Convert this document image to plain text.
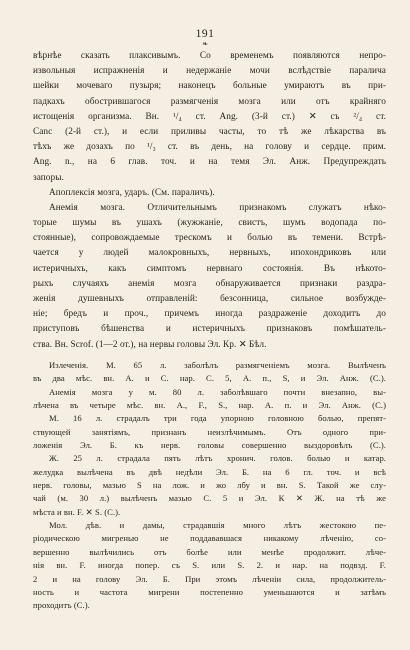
191
❧
вѣрнѣе сказать плаксивымъ. Со временемъ появляются непро-
извольныя испражненія и недержаніе мочи вслѣдствіе паралича
шейки мочеваго пузыря; наконецъ больные умираютъ въ при-
падкахъ обострившагося размягченія мозга или отъ крайняго
истощенія организма. Вн. ¹/₄ ст. Ang. (3-й ст.) ✕ съ ²/₄ ст.
Canc (2-й ст.), и если приливы часты, то тѣ же лѣкарства въ
тѣхъ же дозахъ по ¹/₃ ст. въ день, на голову и сердце. прим.
Ang. n., на 6 глав. точ. и на темя Эл. Анж. Предупреждать
запоры.
Апоплексія мозга, ударъ. (См. параличъ).
Анемія мозга. Отличительнымъ признакомъ служатъ нѣко-
торые шумы въ ушахъ (жужжаніе, свистъ, шумъ водопада по-
стоянные), сопровождаемые трескомъ и болью въ темени. Встрѣ-
чается у людей малокровныхъ, нервныхъ, ипохондриковъ или
истеричныхъ, какъ симптомъ нервнаго состоянія. Въ нѣкото-
рыхъ случаяхъ анемія мозга обнаруживается признаки раздра-
женія душевныхъ отправленій: безсонница, сильное возбужде-
ніе; бредъ и проч., причемъ иногда раздраженіе доходитъ до
приступовъ бѣшенства и истеричныхъ признаковъ помѣшатель-
ства. Вн. Scrof. (1—2 от.), на нервы головы Эл. Кр. ✕ Бѣл.
Излеченія. М. 65 л. заболѣлъ размягченіемъ мозга. Вылѣченъ
въ два мѣс. вн. А. и С. нар. С. 5, А. п., S, и Эл. Анж. (С.).
Анемія мозга у м. 80 л. заболѣвшаго почти внезапно, вы-
лѣчена въ четыре мѣс. вн. А., F., S., нар. А. п. и Эл. Анж. (С.)
М. 16 л. страдалъ три года упорною головною болью, препят-
ствующей занятіямъ, признанъ неизлѣчимымъ. Отъ одного при-
ложенія Эл. Б. къ нерв. головы совершенно выздоровѣлъ (С.).
Ж. 25 л. страдала пять лѣтъ хронич. голов. болью и катар.
желудка вылѣчена въ двѣ недѣли Эл. Б. на 6 гл. точ. и всѣ
нерв. головы, мазью S на лож. и жо лбу и вн. S. Такой же слу-
чай (м. 30 л.) вылѣченъ мазью С. 5 и Эл. К ✕ Ж. на тѣ же
мѣста и вн. F. ✕ S. (С.).
Мол. дѣв. и дамы, страдавшія много лѣтъ жестокою пе-
ріодическою мигренью не поддававшася никакому лѣченію, со-
вершенно вылѣчились отъ болѣе или менѣе продолжит. лѣче-
нія вн. F. иногда попер. съ S. или S. 2. и нар. на подвзд. F.
2 и на голову Эл. Б. При этомъ лѣченіи сила, продолжитель-
ность и частота мигрени постепенно уменьшаются и затѣмъ
проходитъ (С.).
